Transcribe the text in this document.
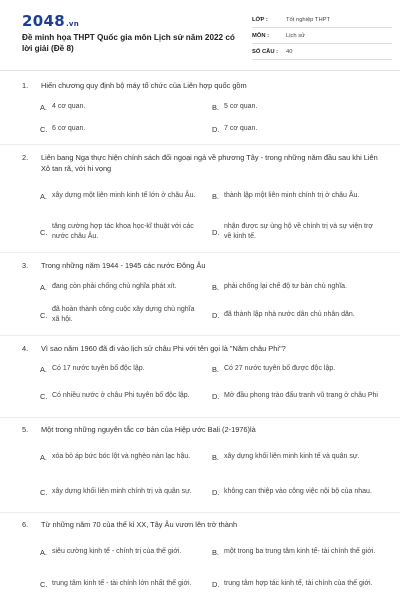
2048.vn
Đề minh họa THPT Quốc gia môn Lịch sử năm 2022 có lời giải (Đề 8)
LỚP :	Tốt nghiệp THPT
MÔN :	Lịch sử
SỐ CÂU :	40
1. Hiến chương quy định bộ máy tổ chức của Liên hợp quốc gồm
A. 4 cơ quan.	B. 5 cơ quan.
C. 6 cơ quan.	D. 7 cơ quan.
2. Liên bang Nga thực hiện chính sách đối ngoại ngả về phương Tây - trong những năm đầu sau khi Liên Xô tan rã, với hi vọng
A. xây dựng một liên minh kinh tế lớn ở châu Âu. B. thành lập một liên minh chính trị ở châu Âu.
C.
tăng cường hợp tác khoa học-kĩ thuật với các nước châu Âu.	D.
nhận được sự ủng hộ về chính trị và sự viện trợ về kinh tế.
3. Trong những năm 1944 - 1945 các nước Đông Âu
A. đang còn phải chống chủ nghĩa phát xít.	B. phải chống lại chế độ tư bản chủ nghĩa.
C.
đã hoàn thành công cuộc xây dựng chủ nghĩa xã hội.	D. đã thành lập nhà nước dân chủ nhân dân.
4. Vì sao năm 1960 đã đi vào lịch sử châu Phi với tên gọi là "Năm châu Phi"?
A. Có 17 nước tuyên bố độc lập.	B. Có 27 nước tuyên bố được độc lập.
C. Có nhiều nước ở châu Phi tuyên bố độc lập.	D. Mở đầu phong trào đấu tranh vũ trang ở châu Phi
5. Một trong những nguyên tắc cơ bản của Hiệp ước Bali (2-1976)là
A. xóa bỏ áp bức bóc lột và nghèo nàn lạc hậu.	B. xây dựng khối liên minh kinh tế và quân sự.
C. xây dựng khối liên minh chính trị và quân sự.	D. không can thiệp vào công việc nội bộ của nhau.
6. Từ những năm 70 của thế kỉ XX, Tây Âu vươn lên trở thành
A. siêu cường kinh tế - chính trị của thế giới.	B. một trong ba trung tâm kinh tế- tài chính thế giới.
C. trung tâm kinh tế - tài chính lớn nhất thế giới.	D. trung tâm hợp tác kinh tế, tài chính của thế giới.
